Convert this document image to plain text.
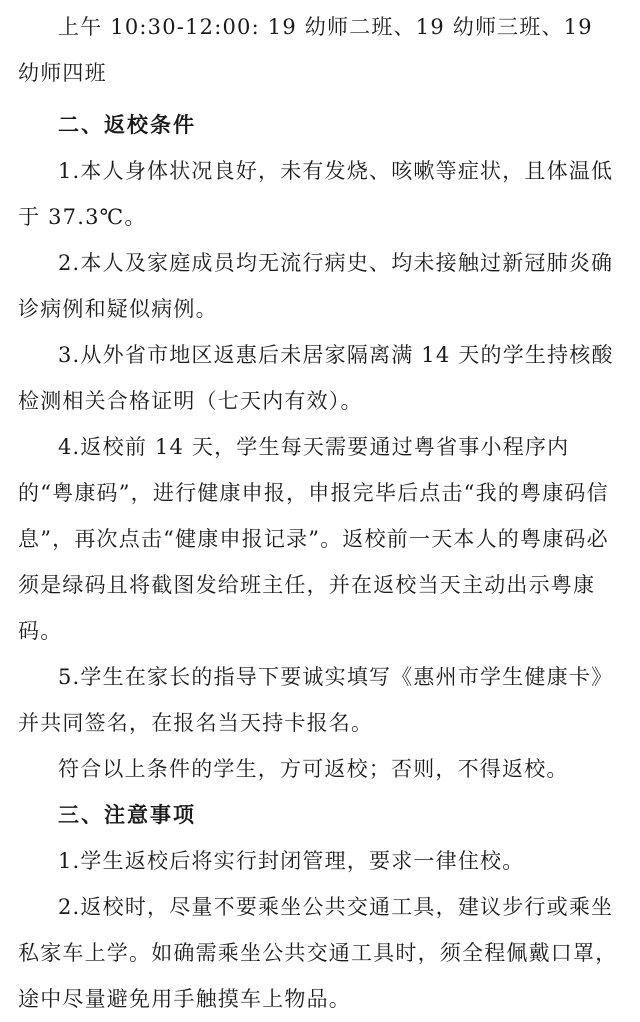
上午 10:30-12:00: 19 幼师二班、19 幼师三班、19 幼师四班
二、返校条件
1.本人身体状况良好，未有发烧、咳嗽等症状，且体温低于 37.3℃。
2.本人及家庭成员均无流行病史、均未接触过新冠肺炎确诊病例和疑似病例。
3.从外省市地区返惠后未居家隔离满 14 天的学生持核酸检测相关合格证明（七天内有效）。
4.返校前 14 天，学生每天需要通过粤省事小程序内的“粤康码”，进行健康申报，申报完毕后点击“我的粤康码信息”，再次点击“健康申报记录”。返校前一天本人的粤康码必须是绿码且将截图发给班主任，并在返校当天主动出示粤康码。
5.学生在家长的指导下要诚实填写《惠州市学生健康卡》并共同签名，在报名当天持卡报名。
符合以上条件的学生，方可返校；否则，不得返校。
三、注意事项
1.学生返校后将实行封闭管理，要求一律住校。
2.返校时，尽量不要乘坐公共交通工具，建议步行或乘坐私家车上学。如确需乘坐公共交通工具时，须全程佩戴口罩，途中尽量避免用手触摸车上物品。
